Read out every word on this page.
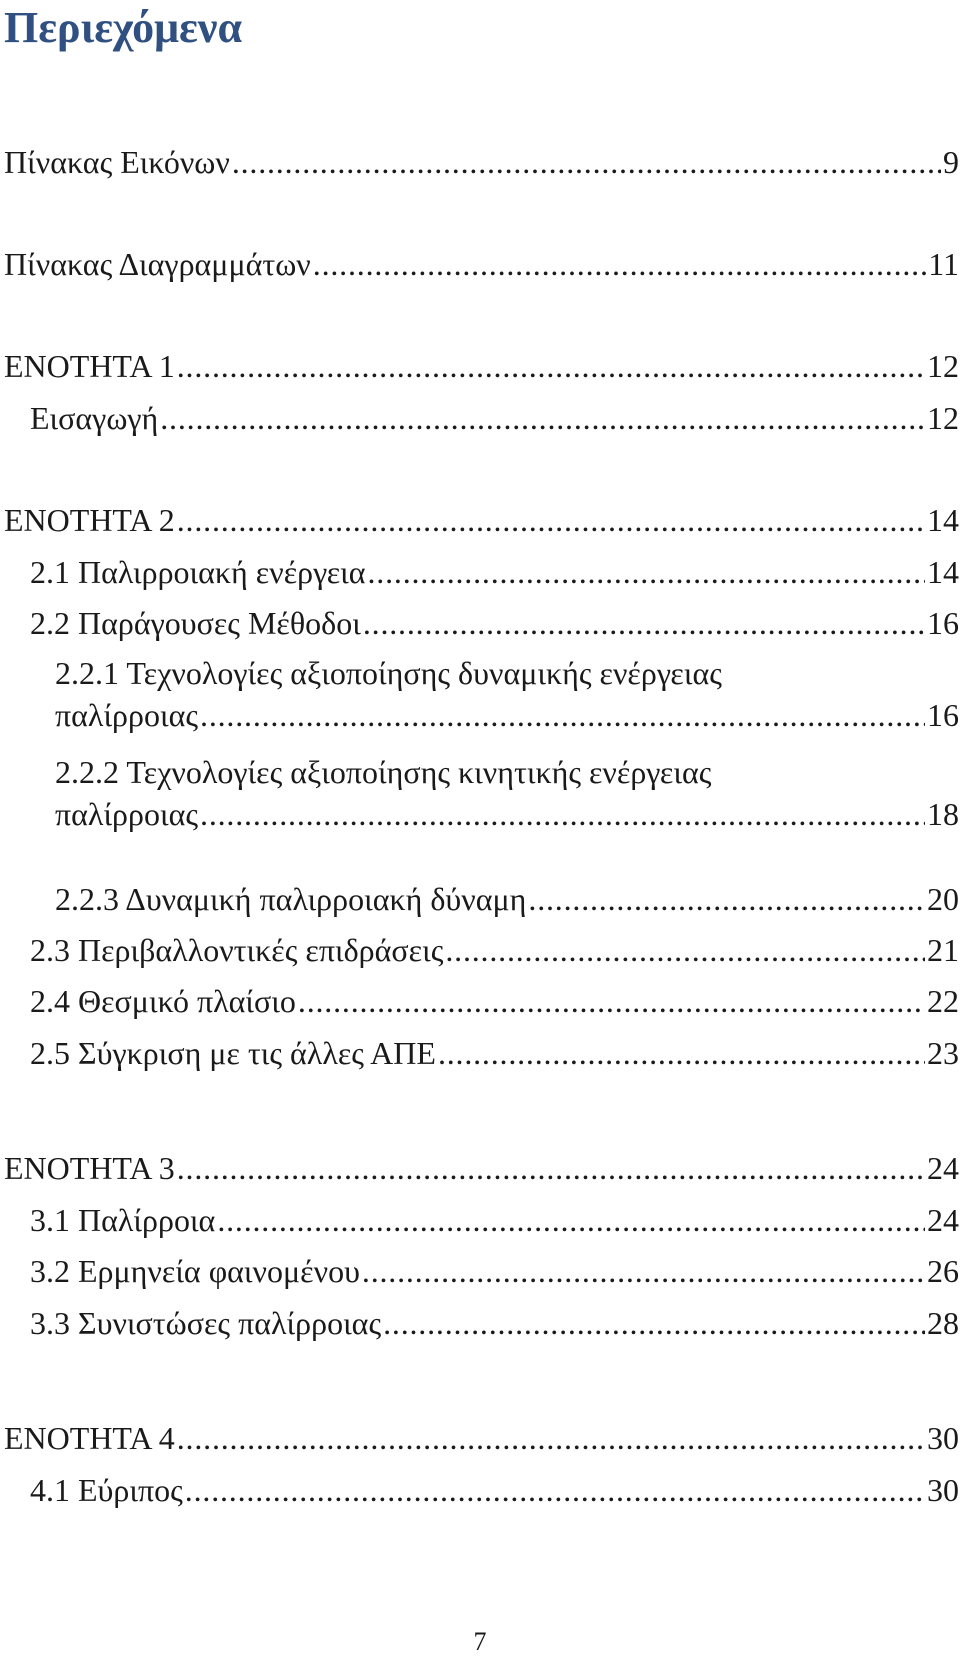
Περιεχόμενα
Πίνακας Εικόνων .....	9
Πίνακας Διαγραμμάτων .....	11
ΕΝΟΤΗΤΑ 1 .....	12
Εισαγωγή .....	12
ΕΝΟΤΗΤΑ 2 .....	14
2.1 Παλιρροιακή ενέργεια .....	14
2.2 Παράγουσες Μέθοδοι .....	16
2.2.1 Τεχνολογίες αξιοποίησης δυναμικής ενέργειας
παλίρροιας .....	16
2.2.2 Τεχνολογίες αξιοποίησης κινητικής ενέργειας
παλίρροιας .....	18
2.2.3 Δυναμική παλιρροιακή δύναμη .....	20
2.3 Περιβαλλοντικές επιδράσεις .....	21
2.4 Θεσμικό πλαίσιο .....	22
2.5 Σύγκριση με τις άλλες ΑΠΕ .....	23
ΕΝΟΤΗΤΑ 3 .....	24
3.1 Παλίρροια .....	24
3.2 Ερμηνεία φαινομένου .....	26
3.3 Συνιστώσες παλίρροιας .....	28
ΕΝΟΤΗΤΑ 4 .....	30
4.1 Εύριπος .....	30
7
